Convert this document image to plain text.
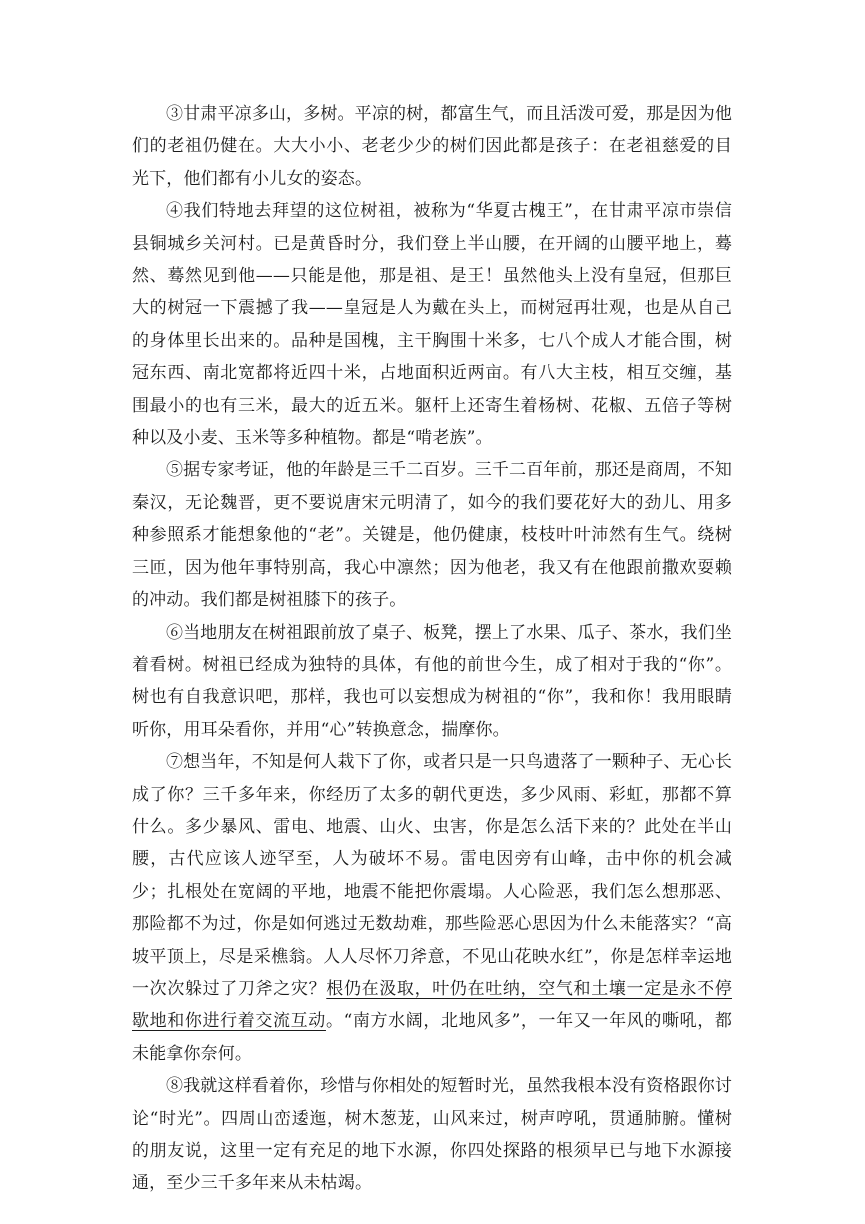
③甘肃平凉多山，多树。平凉的树，都富生气，而且活泼可爱，那是因为他们的老祖仍健在。大大小小、老老少少的树们因此都是孩子：在老祖慈爱的目光下，他们都有小儿女的姿态。

④我们特地去拜望的这位树祖，被称为“华夏古槐王”，在甘肃平凉市崇信县铜城乡关河村。已是黄昏时分，我们登上半山腰，在开阔的山腰平地上，蓦然、蓦然见到他——只能是他，那是祖、是王！虽然他头上没有皇冠，但那巨大的树冠一下震撼了我——皇冠是人为戴在头上，而树冠再壮观，也是从自己的身体里长出来的。品种是国槐，主干胸围十米多，七八个成人才能合围，树冠东西、南北宽都将近四十米，占地面积近两亩。有八大主枝，相互交缠，基围最小的也有三米，最大的近五米。躯杆上还寄生着杨树、花椒、五倍子等树种以及小麦、玉米等多种植物。都是“啃老族”。

⑤据专家考证，他的年龄是三千二百岁。三千二百年前，那还是商周，不知秦汉，无论魏晋，更不要说唐宋元明清了，如今的我们要花好大的劲儿、用多种参照系才能想象他的“老”。关键是，他仍健康，枝枝叶叶沛然有生气。绕树三匝，因为他年事特别高，我心中凛然；因为他老，我又有在他跟前撒欢耍赖的冲动。我们都是树祖膝下的孩子。

⑥当地朋友在树祖跟前放了桌子、板凳，摆上了水果、瓜子、茶水，我们坐着看树。树祖已经成为独特的具体，有他的前世今生，成了相对于我的“你”。树也有自我意识吧，那样，我也可以妄想成为树祖的“你”，我和你！我用眼睛听你，用耳朵看你，并用“心”转换意念，揣摩你。

⑦想当年，不知是何人栽下了你，或者只是一只鸟遗落了一颗种子、无心长成了你？三千多年来，你经历了太多的朝代更迭，多少风雨、彩虹，那都不算什么。多少暴风、雷电、地震、山火、虫害，你是怎么活下来的？此处在半山腰，古代应该人迹罕至，人为破坏不易。雷电因旁有山峰，击中你的机会减少；扎根处在宽阔的平地，地震不能把你震塌。人心险恶，我们怎么想那恶、那险都不为过，你是如何逃过无数劫难，那些险恶心思因为什么未能落实？“高坡平顶上，尽是采樵翁。人人尽怀刀斧意，不见山花映水红”，你是怎样幸运地一次次躲过了刀斧之灾？根仍在汲取，叶仍在吐纳，空气和土壤一定是永不停歇地和你进行着交流互动。“南方水阔，北地风多”，一年又一年风的嘶吼，都未能拿你奈何。

⑧我就这样看着你，珍惜与你相处的短暂时光，虽然我根本没有资格跟你讨论“时光”。四周山峦逶迤，树木葱茏，山风来过，树声哼吼，贯通肺腑。懂树的朋友说，这里一定有充足的地下水源，你四处探路的根须早已与地下水源接通，至少三千多年来从未枯竭。
